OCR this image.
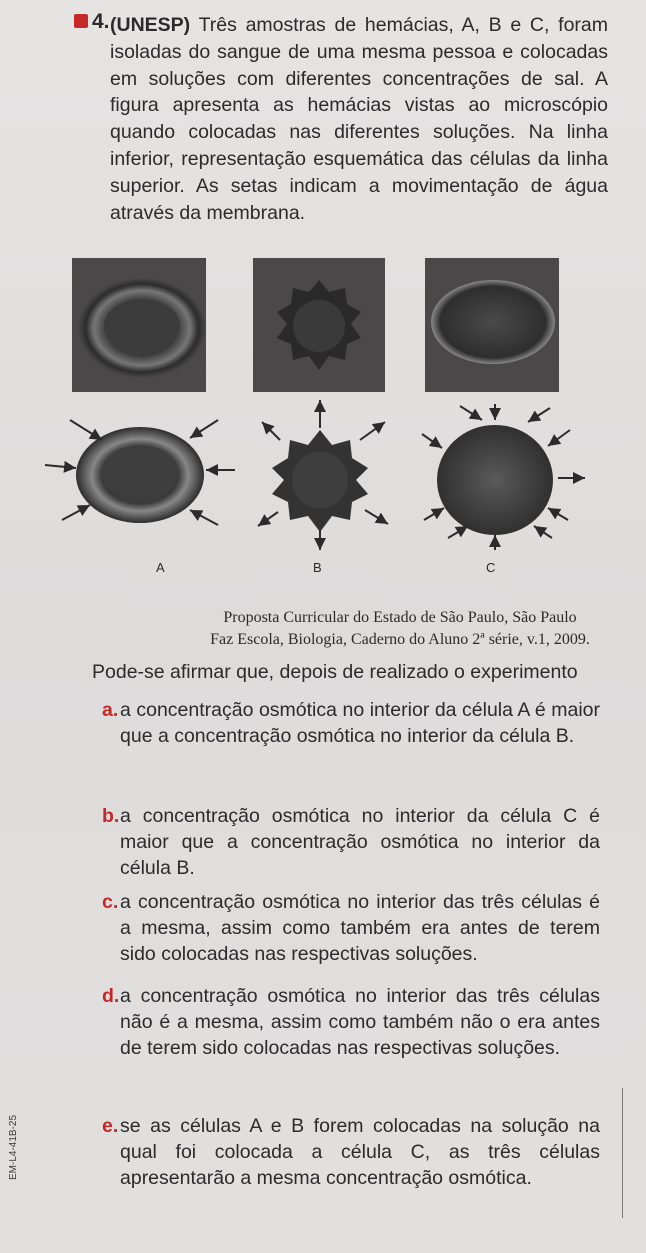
4. (UNESP) Três amostras de hemácias, A, B e C, foram isoladas do sangue de uma mesma pessoa e colocadas em soluções com diferentes concentrações de sal. A figura apresenta as hemácias vistas ao microscópio quando colocadas nas diferentes soluções. Na linha inferior, representação esquemática das células da linha superior. As setas indicam a movimentação de água através da membrana.
A	B	C
Proposta Curricular do Estado de São Paulo, São Paulo
Faz Escola, Biologia, Caderno do Aluno 2ª série, v.1, 2009.
Pode-se afirmar que, depois de realizado o experimento
a. a concentração osmótica no interior da célula A é maior que a concentração osmótica no interior da célula B.
b. a concentração osmótica no interior da célula C é maior que a concentração osmótica no interior da célula B.
c. a concentração osmótica no interior das três células é a mesma, assim como também era antes de terem sido colocadas nas respectivas soluções.
d. a concentração osmótica no interior das três células não é a mesma, assim como também não o era antes de terem sido colocadas nas respectivas soluções.
e. se as células A e B forem colocadas na solução na qual foi colocada a célula C, as três células apresentarão a mesma concentração osmótica.
EM-L4-41B-25
